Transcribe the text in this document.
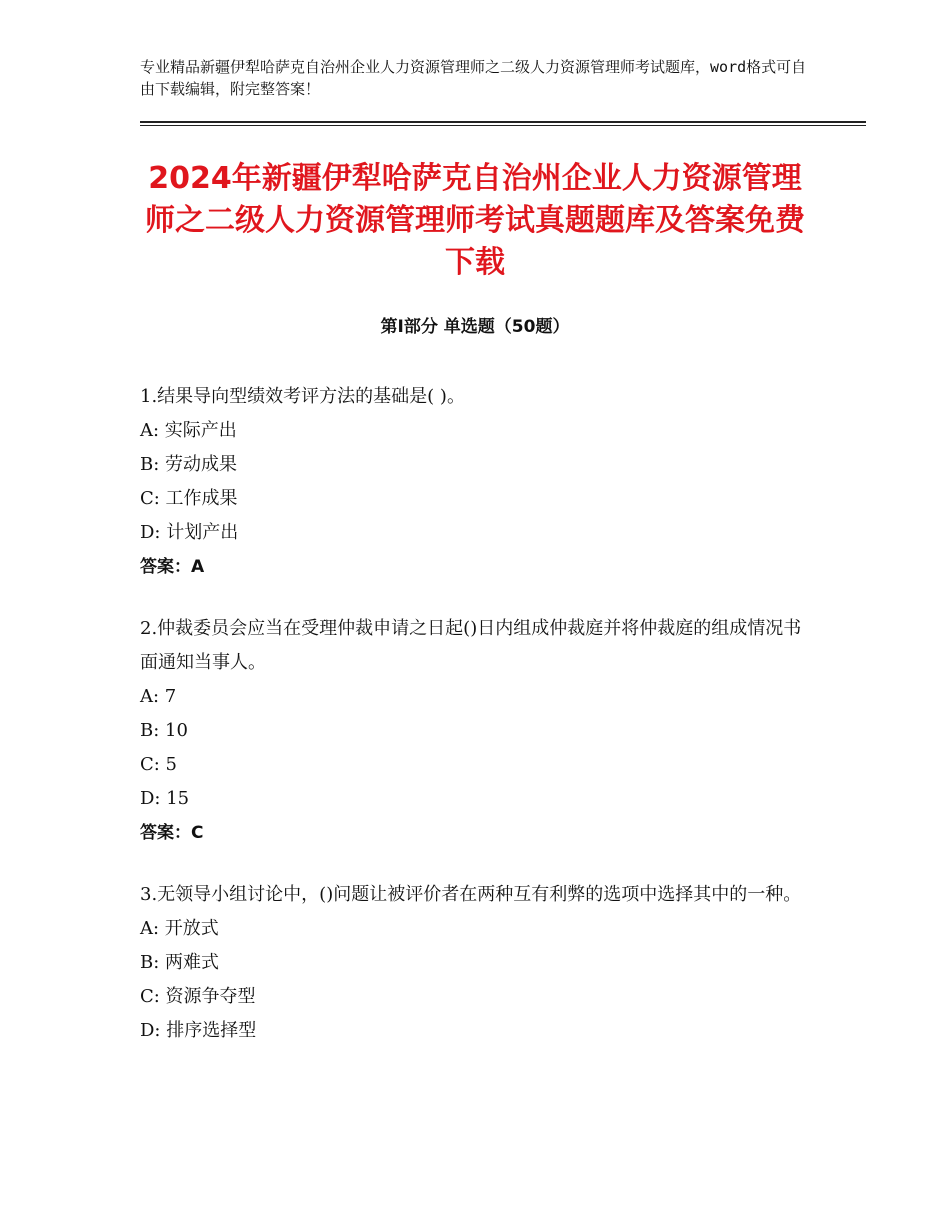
专业精品新疆伊犁哈萨克自治州企业人力资源管理师之二级人力资源管理师考试题库，word格式可自由下载编辑，附完整答案！
2024年新疆伊犁哈萨克自治州企业人力资源管理师之二级人力资源管理师考试真题题库及答案免费下载
第Ⅰ部分 单选题（50题）

1.结果导向型绩效考评方法的基础是( )。

A: 实际产出

B: 劳动成果

C: 工作成果

D: 计划产出

答案：A

2.仲裁委员会应当在受理仲裁申请之日起()日内组成仲裁庭并将仲裁庭的组成情况书面通知当事人。

A: 7

B: 10

C: 5

D: 15

答案：C

3.无领导小组讨论中，()问题让被评价者在两种互有利弊的选项中选择其中的一种。

A: 开放式

B: 两难式

C: 资源争夺型

D: 排序选择型
